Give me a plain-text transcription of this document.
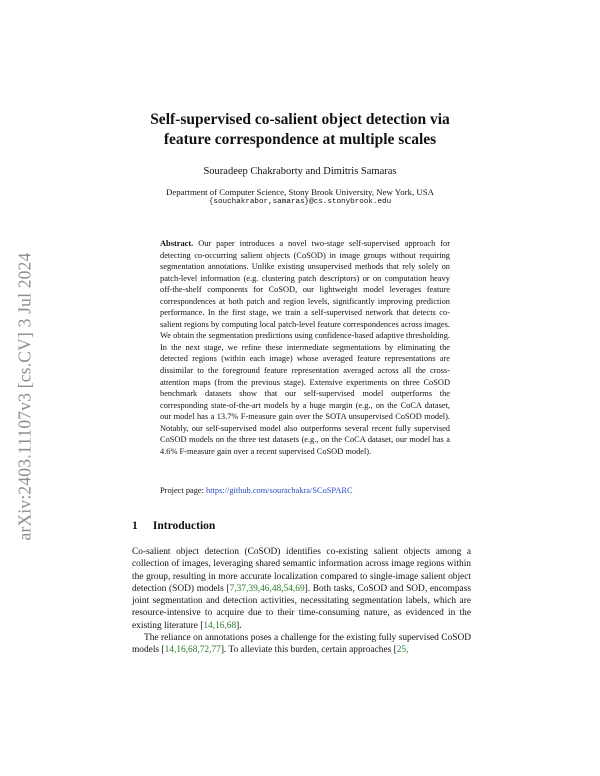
arXiv:2403.11107v3 [cs.CV] 3 Jul 2024
Self-supervised co-salient object detection via
feature correspondence at multiple scales
Souradeep Chakraborty and Dimitris Samaras
Department of Computer Science, Stony Brook University, New York, USA
{souchakrabor,samaras}@cs.stonybrook.edu
Abstract. Our paper introduces a novel two-stage self-supervised approach for detecting co-occurring salient objects (CoSOD) in image groups without requiring segmentation annotations. Unlike existing unsupervised methods that rely solely on patch-level information (e.g. clustering patch descriptors) or on computation heavy off-the-shelf components for CoSOD, our lightweight model leverages feature correspondences at both patch and region levels, significantly improving prediction performance. In the first stage, we train a self-supervised network that detects co-salient regions by computing local patch-level feature correspondences across images. We obtain the segmentation predictions using confidence-based adaptive thresholding. In the next stage, we refine these intermediate segmentations by eliminating the detected regions (within each image) whose averaged feature representations are dissimilar to the foreground feature representation averaged across all the cross-attention maps (from the previous stage). Extensive experiments on three CoSOD benchmark datasets show that our self-supervised model outperforms the corresponding state-of-the-art models by a huge margin (e.g., on the CoCA dataset, our model has a 13.7% F-measure gain over the SOTA unsupervised CoSOD model). Notably, our self-supervised model also outperforms several recent fully supervised CoSOD models on the three test datasets (e.g., on the CoCA dataset, our model has a 4.6% F-measure gain over a recent supervised CoSOD model).
Project page: https://github.com/sourachakra/SCoSPARC
1 Introduction

Co-salient object detection (CoSOD) identifies co-existing salient objects among a collection of images, leveraging shared semantic information across image regions within the group, resulting in more accurate localization compared to single-image salient object detection (SOD) models [7,37,39,46,48,54,69]. Both tasks, CoSOD and SOD, encompass joint segmentation and detection activities, necessitating segmentation labels, which are resource-intensive to acquire due to their time-consuming nature, as evidenced in the existing literature [14,16,68].

The reliance on annotations poses a challenge for the existing fully supervised CoSOD models [14,16,68,72,77]. To alleviate this burden, certain approaches [25,
